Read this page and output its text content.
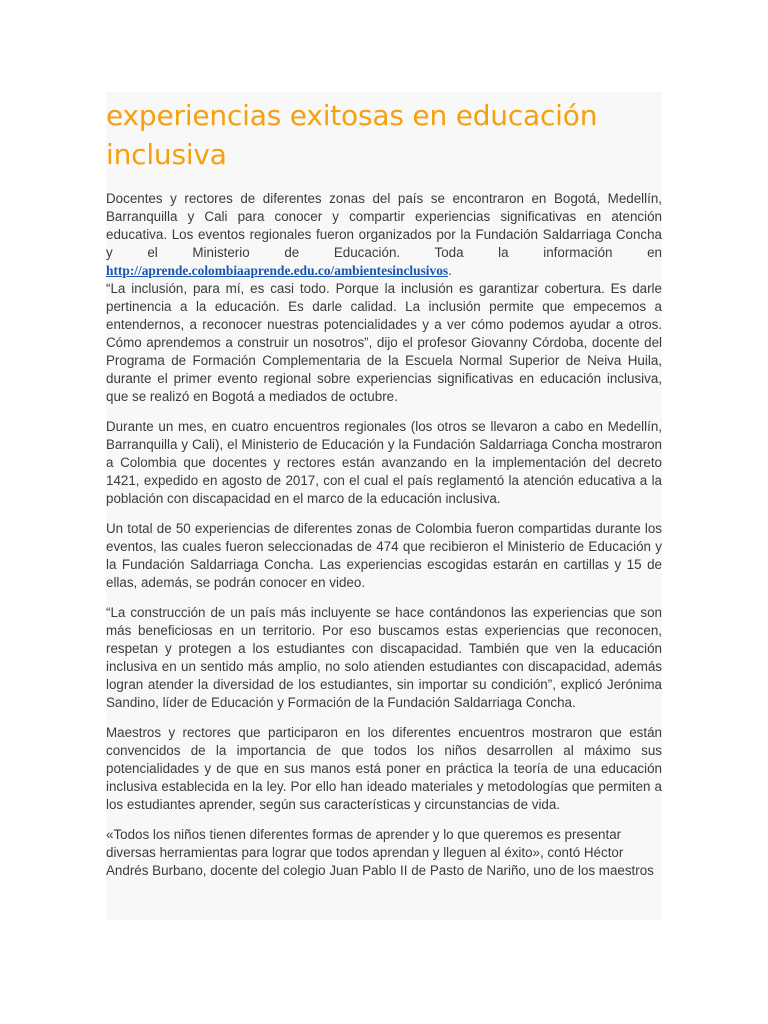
experiencias exitosas en educación inclusiva

Docentes y rectores de diferentes zonas del país se encontraron en Bogotá, Medellín, Barranquilla y Cali para conocer y compartir experiencias significativas en atención educativa. Los eventos regionales fueron organizados por la Fundación Saldarriaga Concha y el Ministerio de Educación. Toda la información en http://aprende.colombiaaprende.edu.co/ambientesinclusivos.

“La inclusión, para mí, es casi todo. Porque la inclusión es garantizar cobertura. Es darle pertinencia a la educación. Es darle calidad. La inclusión permite que empecemos a entendernos, a reconocer nuestras potencialidades y a ver cómo podemos ayudar a otros. Cómo aprendemos a construir un nosotros”, dijo el profesor Giovanny Córdoba, docente del Programa de Formación Complementaria de la Escuela Normal Superior de Neiva Huila, durante el primer evento regional sobre experiencias significativas en educación inclusiva, que se realizó en Bogotá a mediados de octubre.

Durante un mes, en cuatro encuentros regionales (los otros se llevaron a cabo en Medellín, Barranquilla y Cali), el Ministerio de Educación y la Fundación Saldarriaga Concha mostraron a Colombia que docentes y rectores están avanzando en la implementación del decreto 1421, expedido en agosto de 2017, con el cual el país reglamentó la atención educativa a la población con discapacidad en el marco de la educación inclusiva.

Un total de 50 experiencias de diferentes zonas de Colombia fueron compartidas durante los eventos, las cuales fueron seleccionadas de 474 que recibieron el Ministerio de Educación y la Fundación Saldarriaga Concha. Las experiencias escogidas estarán en cartillas y 15 de ellas, además, se podrán conocer en video.

“La construcción de un país más incluyente se hace contándonos las experiencias que son más beneficiosas en un territorio. Por eso buscamos estas experiencias que reconocen, respetan y protegen a los estudiantes con discapacidad. También que ven la educación inclusiva en un sentido más amplio, no solo atienden estudiantes con discapacidad, además logran atender la diversidad de los estudiantes, sin importar su condición”, explicó Jerónima Sandino, líder de Educación y Formación de la Fundación Saldarriaga Concha.

Maestros y rectores que participaron en los diferentes encuentros mostraron que están convencidos de la importancia de que todos los niños desarrollen al máximo sus potencialidades y de que en sus manos está poner en práctica la teoría de una educación inclusiva establecida en la ley. Por ello han ideado materiales y metodologías que permiten a los estudiantes aprender, según sus características y circunstancias de vida.

«Todos los niños tienen diferentes formas de aprender y lo que queremos es presentar diversas herramientas para lograr que todos aprendan y lleguen al éxito», contó Héctor Andrés Burbano, docente del colegio Juan Pablo II de Pasto de Nariño, uno de los maestros
